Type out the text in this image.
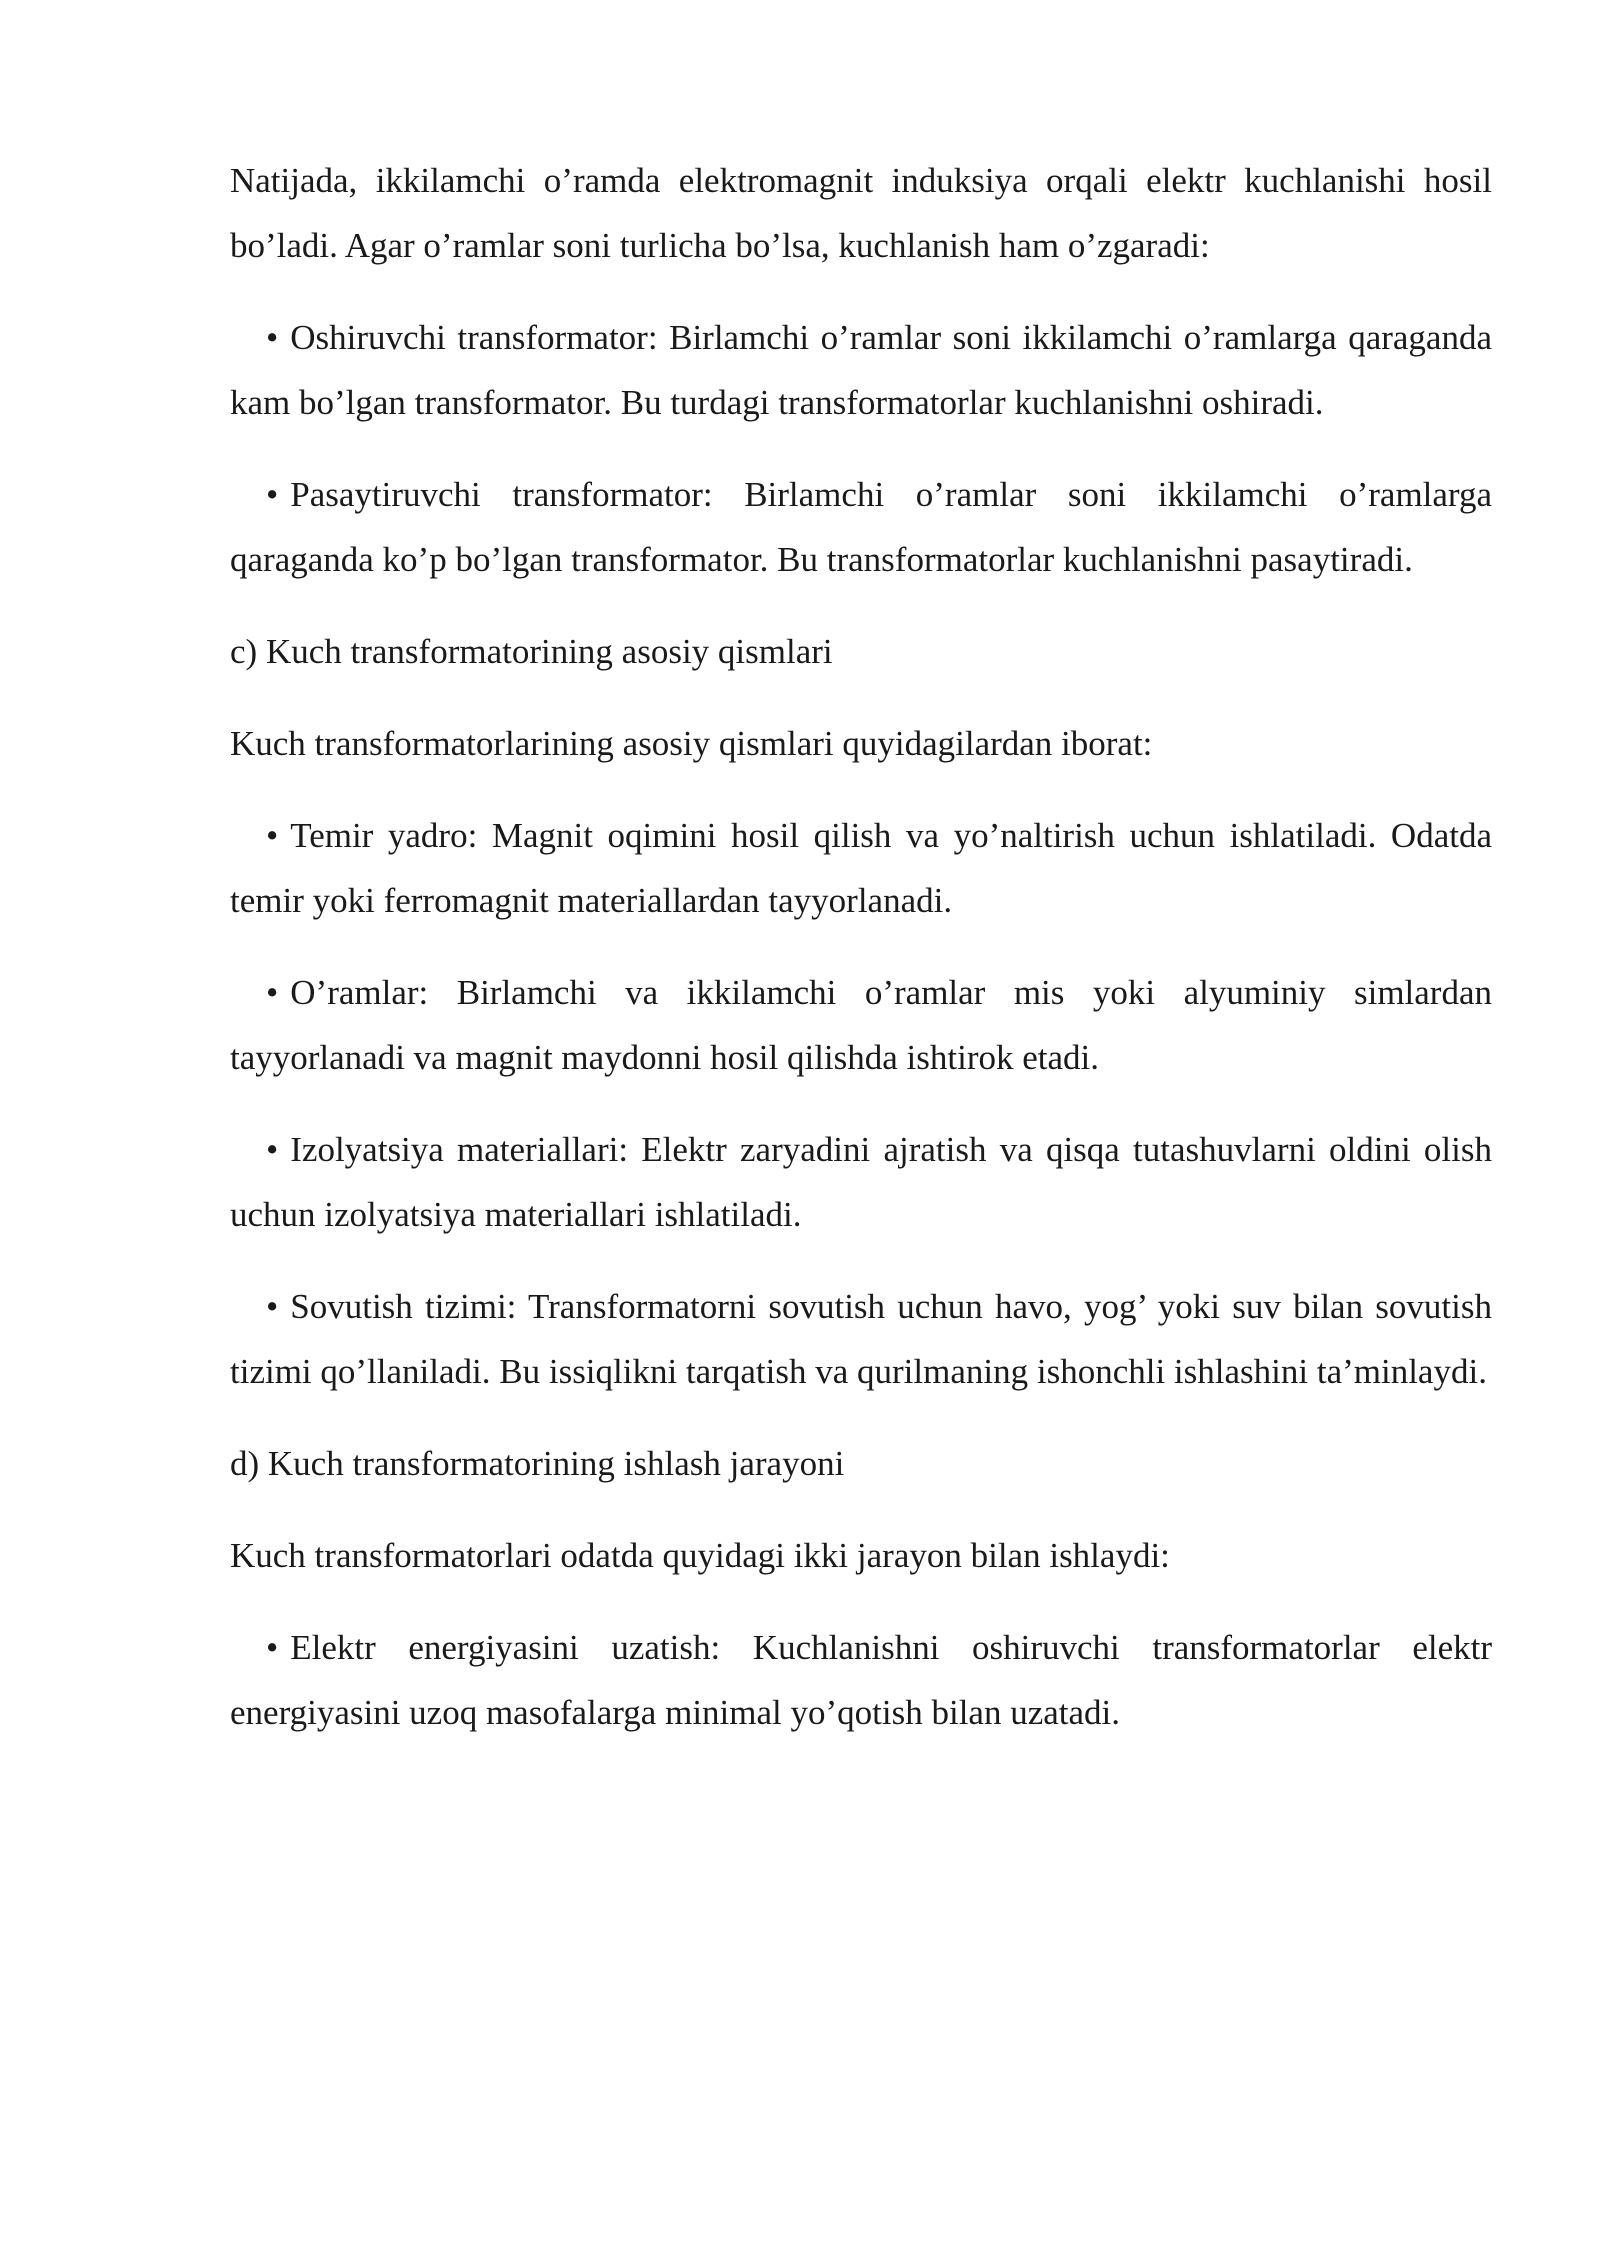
Natijada, ikkilamchi o’ramda elektromagnit induksiya orqali elektr kuchlanishi hosil bo’ladi. Agar o’ramlar soni turlicha bo’lsa, kuchlanish ham o’zgaradi:

• Oshiruvchi transformator: Birlamchi o’ramlar soni ikkilamchi o’ramlarga qaraganda kam bo’lgan transformator. Bu turdagi transformatorlar kuchlanishni oshiradi.

• Pasaytiruvchi transformator: Birlamchi o’ramlar soni ikkilamchi o’ramlarga qaraganda ko’p bo’lgan transformator. Bu transformatorlar kuchlanishni pasaytiradi.

c) Kuch transformatorining asosiy qismlari

Kuch transformatorlarining asosiy qismlari quyidagilardan iborat:

• Temir yadro: Magnit oqimini hosil qilish va yo’naltirish uchun ishlatiladi. Odatda temir yoki ferromagnit materiallardan tayyorlanadi.

• O’ramlar: Birlamchi va ikkilamchi o’ramlar mis yoki alyuminiy simlardan tayyorlanadi va magnit maydonni hosil qilishda ishtirok etadi.

• Izolyatsiya materiallari: Elektr zaryadini ajratish va qisqa tutashuvlarni oldini olish uchun izolyatsiya materiallari ishlatiladi.

• Sovutish tizimi: Transformatorni sovutish uchun havo, yog’ yoki suv bilan sovutish tizimi qo’llaniladi. Bu issiqlikni tarqatish va qurilmaning ishonchli ishlashini ta’minlaydi.

d) Kuch transformatorining ishlash jarayoni

Kuch transformatorlari odatda quyidagi ikki jarayon bilan ishlaydi:

• Elektr energiyasini uzatish: Kuchlanishni oshiruvchi transformatorlar elektr energiyasini uzoq masofalarga minimal yo’qotish bilan uzatadi.
